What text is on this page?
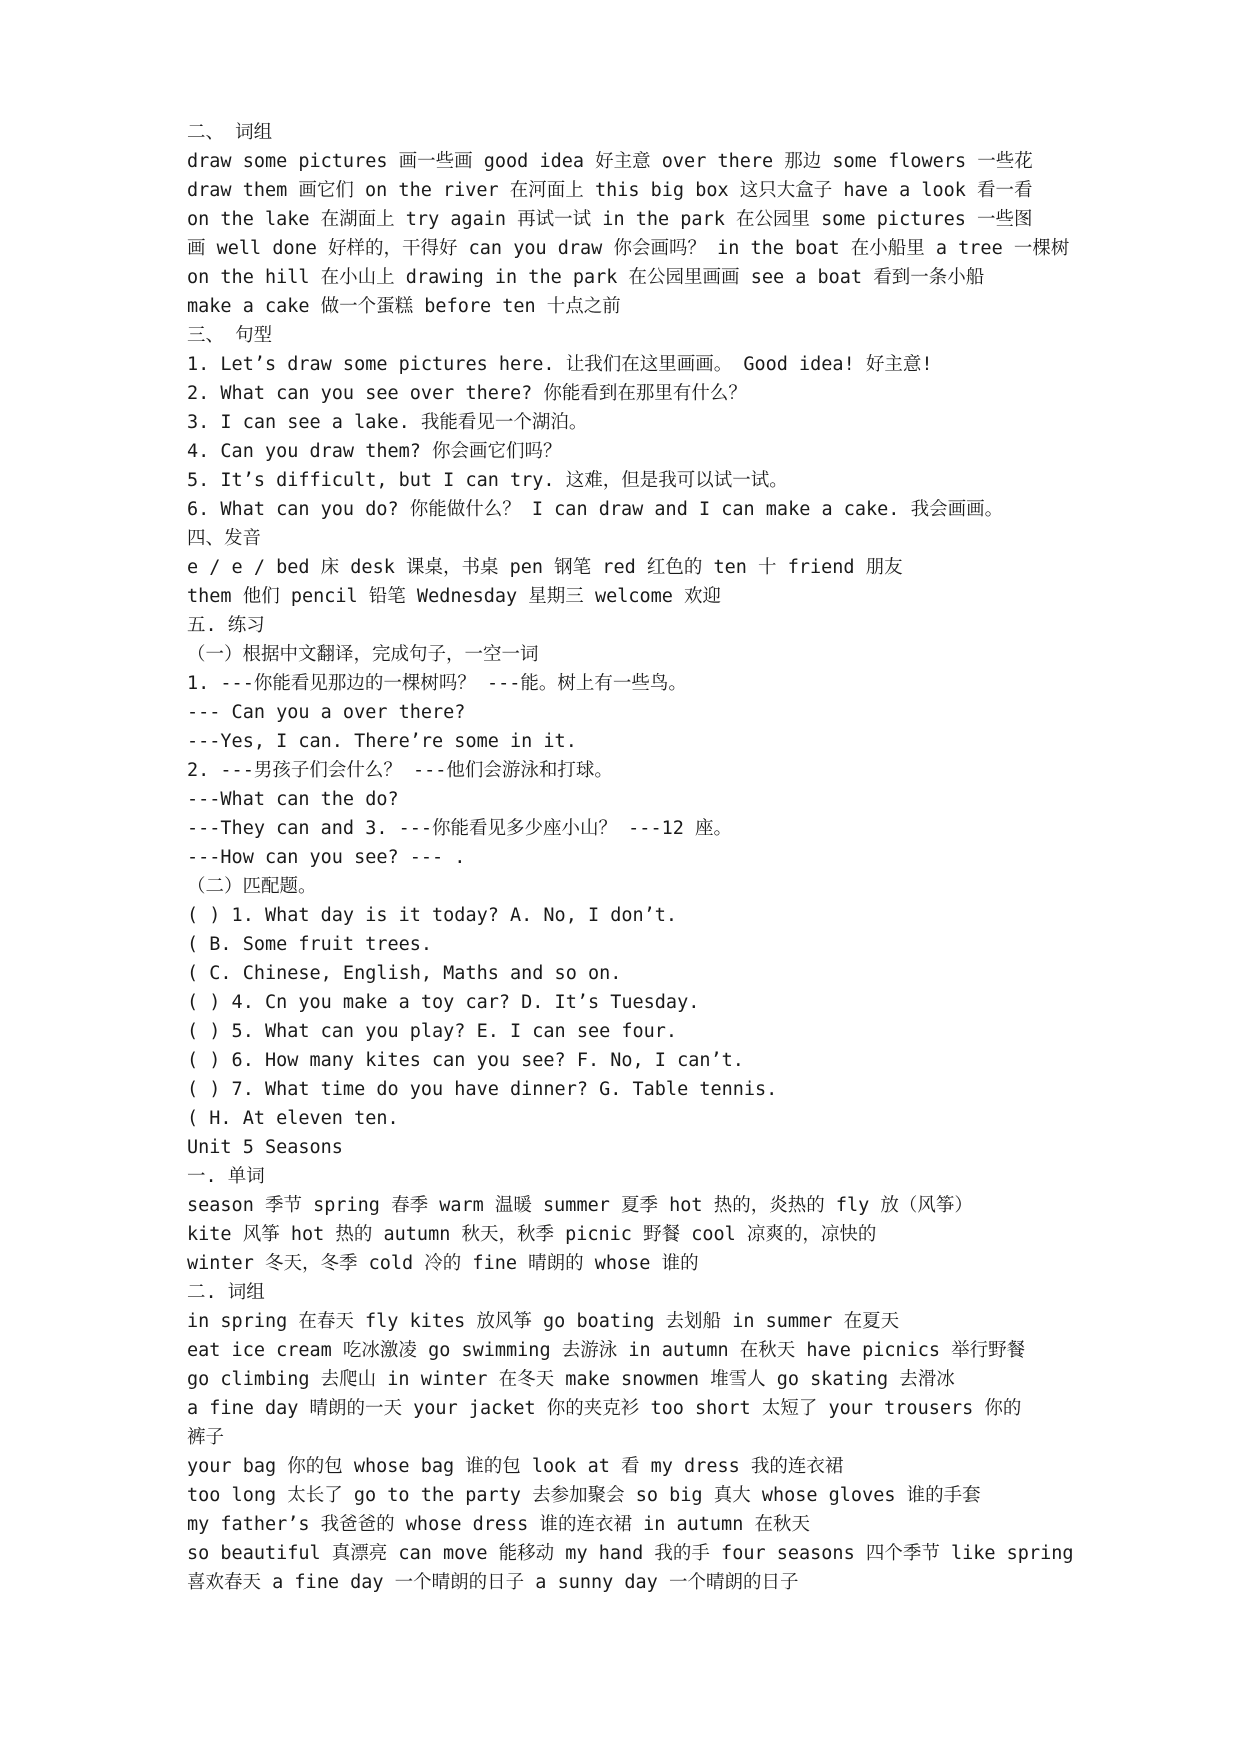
二、 词组
draw some pictures 画一些画 good idea 好主意 over there 那边 some flowers 一些花
draw them 画它们 on the river 在河面上 this big box 这只大盒子 have a look 看一看
on the lake 在湖面上 try again 再试一试 in the park 在公园里 some pictures 一些图
画 well done 好样的，干得好 can you draw 你会画吗？ in the boat 在小船里 a tree 一棵树
on the hill 在小山上 drawing in the park 在公园里画画 see a boat 看到一条小船
make a cake 做一个蛋糕 before ten 十点之前
三、 句型
1. Let’s draw some pictures here. 让我们在这里画画。 Good idea! 好主意!
2. What can you see over there? 你能看到在那里有什么？
3. I can see a lake. 我能看见一个湖泊。
4. Can you draw them? 你会画它们吗？
5. It’s difficult, but I can try. 这难，但是我可以试一试。
6. What can you do? 你能做什么？ I can draw and I can make a cake. 我会画画。
四、发音
e / e / bed 床 desk 课桌，书桌 pen 钢笔 red 红色的 ten 十 friend 朋友
them 他们 pencil 铅笔 Wednesday 星期三 welcome 欢迎
五. 练习
（一）根据中文翻译，完成句子，一空一词
1. ---你能看见那边的一棵树吗？ ---能。树上有一些鸟。
--- Can you a over there?
---Yes, I can. There’re some in it.
2. ---男孩子们会什么？ ---他们会游泳和打球。
---What can the do?
---They can and 3. ---你能看见多少座小山？ ---12 座。
---How can you see? --- .
（二）匹配题。
( ) 1. What day is it today? A. No, I don’t.
( B. Some fruit trees.
( C. Chinese, English, Maths and so on.
( ) 4. Cn you make a toy car? D. It’s Tuesday.
( ) 5. What can you play? E. I can see four.
( ) 6. How many kites can you see? F. No, I can’t.
( ) 7. What time do you have dinner? G. Table tennis.
( H. At eleven ten.
Unit 5 Seasons
一. 单词
season 季节 spring 春季 warm 温暖 summer 夏季 hot 热的，炎热的 fly 放（风筝）
kite 风筝 hot 热的 autumn 秋天，秋季 picnic 野餐 cool 凉爽的，凉快的
winter 冬天，冬季 cold 冷的 fine 晴朗的 whose 谁的
二. 词组
in spring 在春天 fly kites 放风筝 go boating 去划船 in summer 在夏天
eat ice cream 吃冰激凌 go swimming 去游泳 in autumn 在秋天 have picnics 举行野餐
go climbing 去爬山 in winter 在冬天 make snowmen 堆雪人 go skating 去滑冰
a fine day 晴朗的一天 your jacket 你的夹克衫 too short 太短了 your trousers 你的
裤子
your bag 你的包 whose bag 谁的包 look at 看 my dress 我的连衣裙
too long 太长了 go to the party 去参加聚会 so big 真大 whose gloves 谁的手套
my father’s 我爸爸的 whose dress 谁的连衣裙 in autumn 在秋天
so beautiful 真漂亮 can move 能移动 my hand 我的手 four seasons 四个季节 like spring
喜欢春天 a fine day 一个晴朗的日子 a sunny day 一个晴朗的日子
